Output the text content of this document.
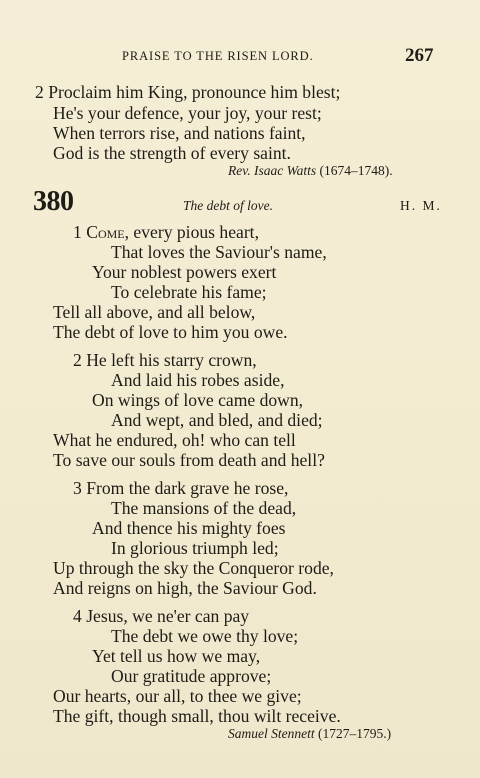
PRAISE TO THE RISEN LORD.	267
2 Proclaim him King, pronounce him blest;
He's your defence, your joy, your rest;
When terrors rise, and nations faint,
God is the strength of every saint.
Rev. Isaac Watts (1674–1748).
380	The debt of love.	H. M.
1 Come, every pious heart,
That loves the Saviour's name,
Your noblest powers exert
To celebrate his fame;
Tell all above, and all below,
The debt of love to him you owe.
2 He left his starry crown,
And laid his robes aside,
On wings of love came down,
And wept, and bled, and died;
What he endured, oh! who can tell
To save our souls from death and hell?
3 From the dark grave he rose,
The mansions of the dead,
And thence his mighty foes
In glorious triumph led;
Up through the sky the Conqueror rode,
And reigns on high, the Saviour God.
4 Jesus, we ne'er can pay
The debt we owe thy love;
Yet tell us how we may,
Our gratitude approve;
Our hearts, our all, to thee we give;
The gift, though small, thou wilt receive.
Samuel Stennett (1727–1795.)
